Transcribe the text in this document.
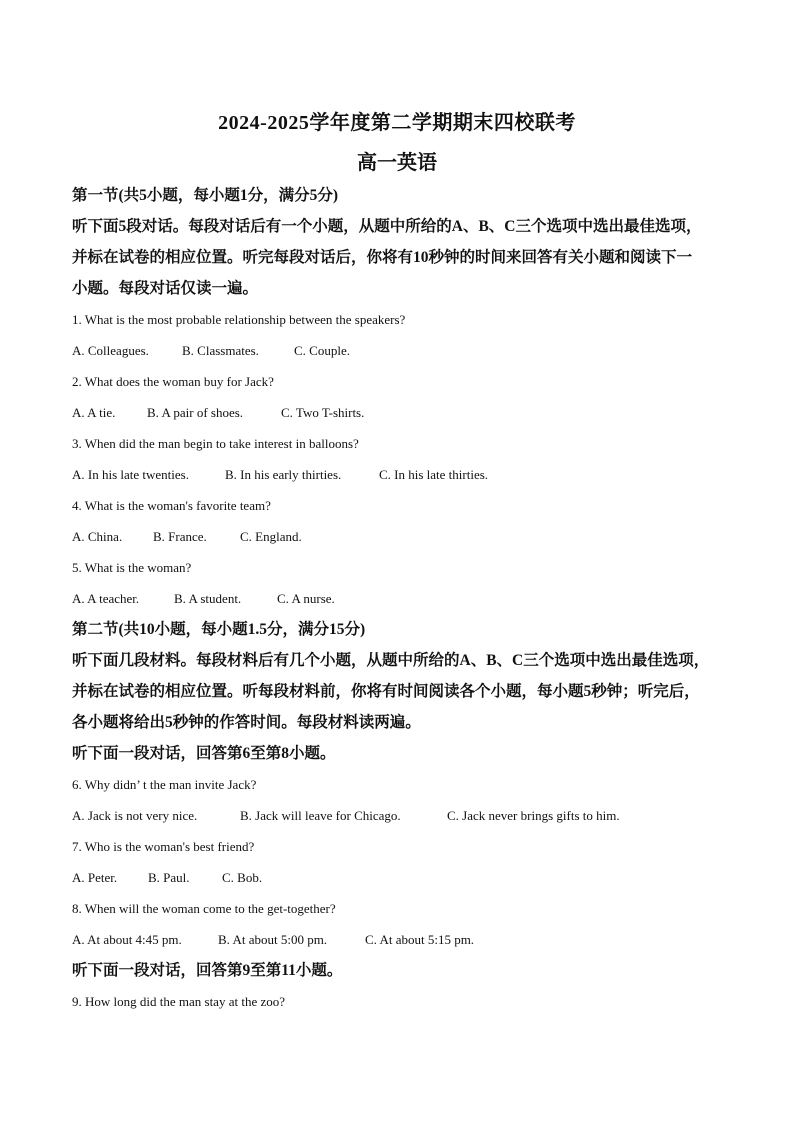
2024-2025学年度第二学期期末四校联考
高一英语

第一节(共5小题，每小题1分，满分5分)

听下面5段对话。每段对话后有一个小题，从题中所给的A、B、C三个选项中选出最佳选项，

并标在试卷的相应位置。听完每段对话后，你将有10秒钟的时间来回答有关小题和阅读下一

小题。每段对话仅读一遍。

1. What is the most probable relationship between the speakers?

A. Colleagues.	B. Classmates.	C. Couple.

2. What does the woman buy for Jack?

A. A tie. B. A pair of shoes.	C. Two T-shirts.

3. When did the man begin to take interest in balloons?

A. In his late twenties.	B. In his early thirties.	C. In his late thirties.

4. What is the woman's favorite team?

A. China. B. France.	C. England.

5. What is the woman?

A. A teacher.	B. A student.	C. A nurse.

第二节(共10小题，每小题1.5分，满分15分)

听下面几段材料。每段材料后有几个小题，从题中所给的A、B、C三个选项中选出最佳选项，

并标在试卷的相应位置。听每段材料前，你将有时间阅读各个小题，每小题5秒钟；听完后，

各小题将给出5秒钟的作答时间。每段材料读两遍。

听下面一段对话，回答第6至第8小题。

6. Why didn’ t the man invite Jack?

A. Jack is not very nice.	B. Jack will leave for Chicago.	C. Jack never brings gifts to him.

7. Who is the woman's best friend?

A. Peter. B. Paul. C. Bob.

8. When will the woman come to the get-together?

A. At about 4:45 pm.	B. At about 5:00 pm.	C. At about 5:15 pm.

听下面一段对话，回答第9至第11小题。

9. How long did the man stay at the zoo?
